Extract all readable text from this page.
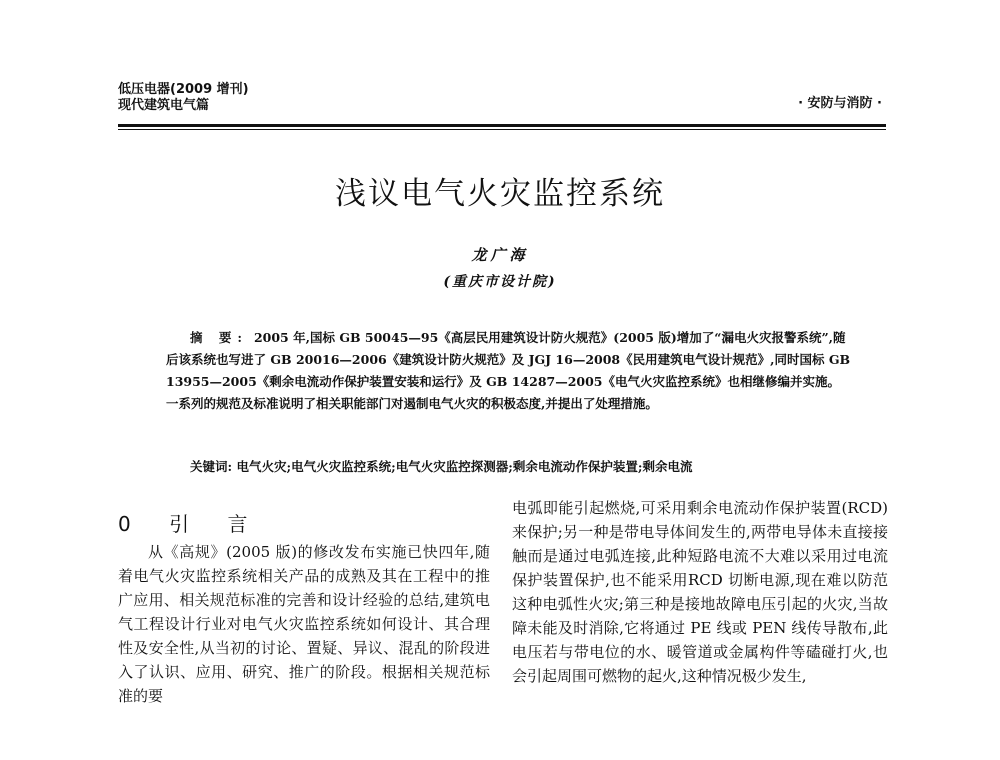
低压电器(2009 增刊)
现代建筑电气篇	· 安防与消防 ·
浅议电气火灾监控系统
龙广海
(重庆市设计院)
摘 要: 2005 年,国标 GB 50045—95《高层民用建筑设计防火规范》(2005 版)增加了“漏电火灾报警系统”,随后该系统也写进了 GB 20016—2006《建筑设计防火规范》及 JGJ 16—2008《民用建筑电气设计规范》,同时国标 GB 13955—2005《剩余电流动作保护装置安装和运行》及 GB 14287—2005《电气火灾监控系统》也相继修编并实施。一系列的规范及标准说明了相关职能部门对遏制电气火灾的积极态度,并提出了处理措施。
关键词: 电气火灾;电气火灾监控系统;电气火灾监控探测器;剩余电流动作保护装置;剩余电流
0 引 言

从《高规》(2005 版)的修改发布实施已快四年,随着电气火灾监控系统相关产品的成熟及其在工程中的推广应用、相关规范标准的完善和设计经验的总结,建筑电气工程设计行业对电气火灾监控系统如何设计、其合理性及安全性,从当初的讨论、置疑、异议、混乱的阶段进入了认识、应用、研究、推广的阶段。根据相关规范标准的要

电弧即能引起燃烧,可采用剩余电流动作保护装置(RCD)来保护;另一种是带电导体间发生的,两带电导体未直接接触而是通过电弧连接,此种短路电流不大难以采用过电流保护装置保护,也不能采用RCD 切断电源,现在难以防范这种电弧性火灾;第三种是接地故障电压引起的火灾,当故障未能及时消除,它将通过 PE 线或 PEN 线传导散布,此电压若与带电位的水、暖管道或金属构件等磕碰打火,也会引起周围可燃物的起火,这种情况极少发生,
